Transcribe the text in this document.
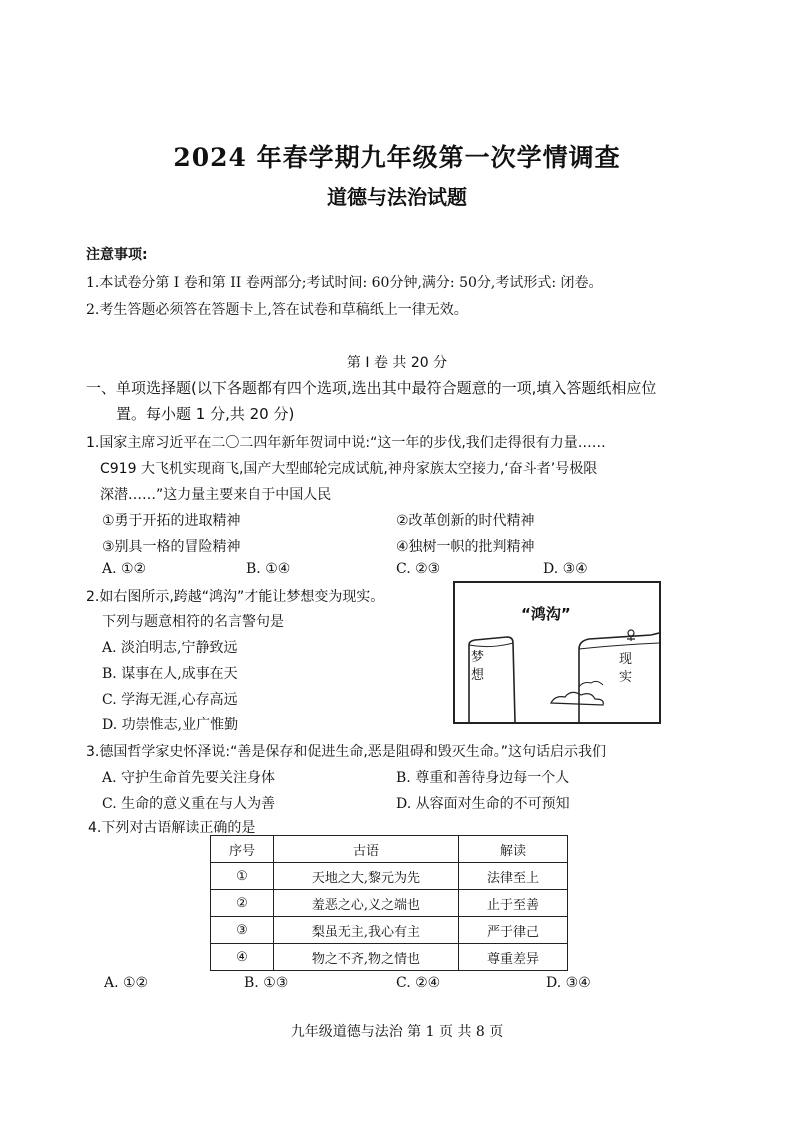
2024 年春学期九年级第一次学情调查
道德与法治试题
注意事项:
1.本试卷分第 I 卷和第 II 卷两部分;考试时间: 60分钟,满分: 50分,考试形式: 闭卷。
2.考生答题必须答在答题卡上,答在试卷和草稿纸上一律无效。
第 I 卷 共 20 分
一、单项选择题(以下各题都有四个选项,选出其中最符合题意的一项,填入答题纸相应位
置。每小题 1 分,共 20 分)
1.国家主席习近平在二〇二四年新年贺词中说:“这一年的步伐,我们走得很有力量……
C919 大飞机实现商飞,国产大型邮轮完成试航,神舟家族太空接力,‘奋斗者’号极限
深潜……”这力量主要来自于中国人民
①勇于开拓的进取精神	②改革创新的时代精神
③别具一格的冒险精神	④独树一帜的批判精神
A. ①②	B. ①④	C. ②③	D. ③④
2.如右图所示,跨越“鸿沟”才能让梦想变为现实。
下列与题意相符的名言警句是
A. 淡泊明志,宁静致远
B. 谋事在人,成事在天
C. 学海无涯,心存高远
D. 功崇惟志,业广惟勤
“鸿沟”
梦想
现实
3.德国哲学家史怀泽说:“善是保存和促进生命,恶是阻碍和毁灭生命。”这句话启示我们
A. 守护生命首先要关注身体	B. 尊重和善待身边每一个人
C. 生命的意义重在与人为善	D. 从容面对生命的不可预知
4.下列对古语解读正确的是
序号	古语	解读
①	天地之大,黎元为先	法律至上
②	羞恶之心,义之端也	止于至善
③	梨虽无主,我心有主	严于律己
④	物之不齐,物之情也	尊重差异
A. ①②	B. ①③	C. ②④	D. ③④
九年级道德与法治 第 1 页 共 8 页
